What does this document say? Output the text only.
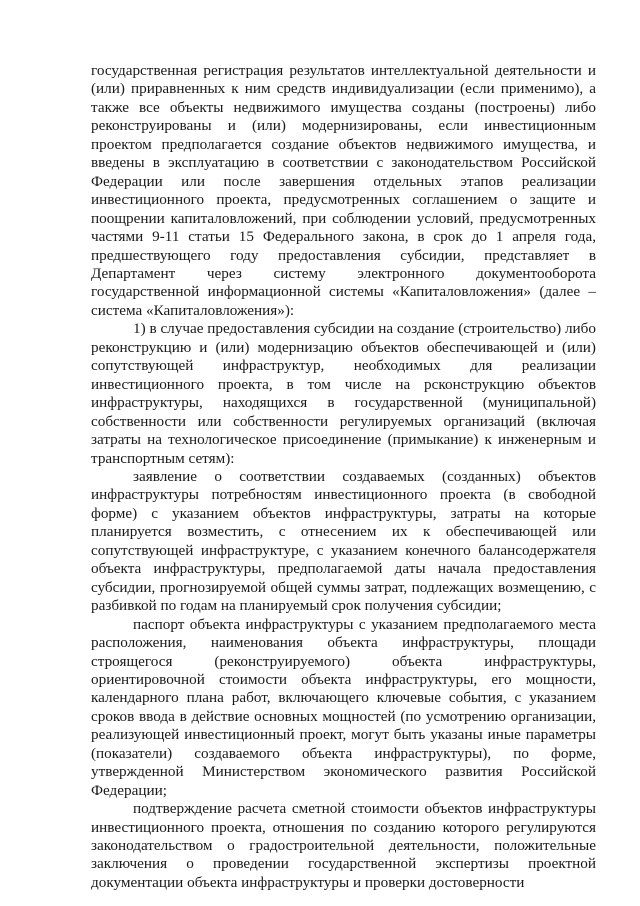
государственная регистрация результатов интеллектуальной деятельности и (или) приравненных к ним средств индивидуализации (если применимо), а также все объекты недвижимого имущества созданы (построены) либо реконструированы и (или) модернизированы, если инвестиционным проектом предполагается создание объектов недвижимого имущества, и введены в эксплуатацию в соответствии с законодательством Российской Федерации или после завершения отдельных этапов реализации инвестиционного проекта, предусмотренных соглашением о защите и поощрении капиталовложений, при соблюдении условий, предусмотренных частями 9-11 статьи 15 Федерального закона, в срок до 1 апреля года, предшествующего году предоставления субсидии, представляет в Департамент через систему электронного документооборота государственной информационной системы «Капиталовложения» (далее – система «Капиталовложения»):

1) в случае предоставления субсидии на создание (строительство) либо реконструкцию и (или) модернизацию объектов обеспечивающей и (или) сопутствующей инфраструктур, необходимых для реализации инвестиционного проекта, в том числе на рсконструкцию объектов инфраструктуры, находящихся в государственной (муниципальной) собственности или собственности регулируемых организаций (включая затраты на технологическое присоединение (примыкание) к инженерным и транспортным сетям):

заявление о соответствии создаваемых (созданных) объектов инфраструктуры потребностям инвестиционного проекта (в свободной форме) с указанием объектов инфраструктуры, затраты на которые планируется возместить, с отнесением их к обеспечивающей или сопутствующей инфраструктуре, с указанием конечного балансодержателя объекта инфраструктуры, предполагаемой даты начала предоставления субсидии, прогнозируемой общей суммы затрат, подлежащих возмещению, с разбивкой по годам на планируемый срок получения субсидии;

паспорт объекта инфраструктуры с указанием предполагаемого места расположения, наименования объекта инфраструктуры, площади строящегося (реконструируемого) объекта инфраструктуры, ориентировочной стоимости объекта инфраструктуры, его мощности, календарного плана работ, включающего ключевые события, с указанием сроков ввода в действие основных мощностей (по усмотрению организации, реализующей инвестиционный проект, могут быть указаны иные параметры (показатели) создаваемого объекта инфраструктуры), по форме, утвержденной Министерством экономического развития Российской Федерации;

подтверждение расчета сметной стоимости объектов инфраструктуры инвестиционного проекта, отношения по созданию которого регулируются законодательством о градостроительной деятельности, положительные заключения о проведении государственной экспертизы проектной документации объекта инфраструктуры и проверки достоверности
